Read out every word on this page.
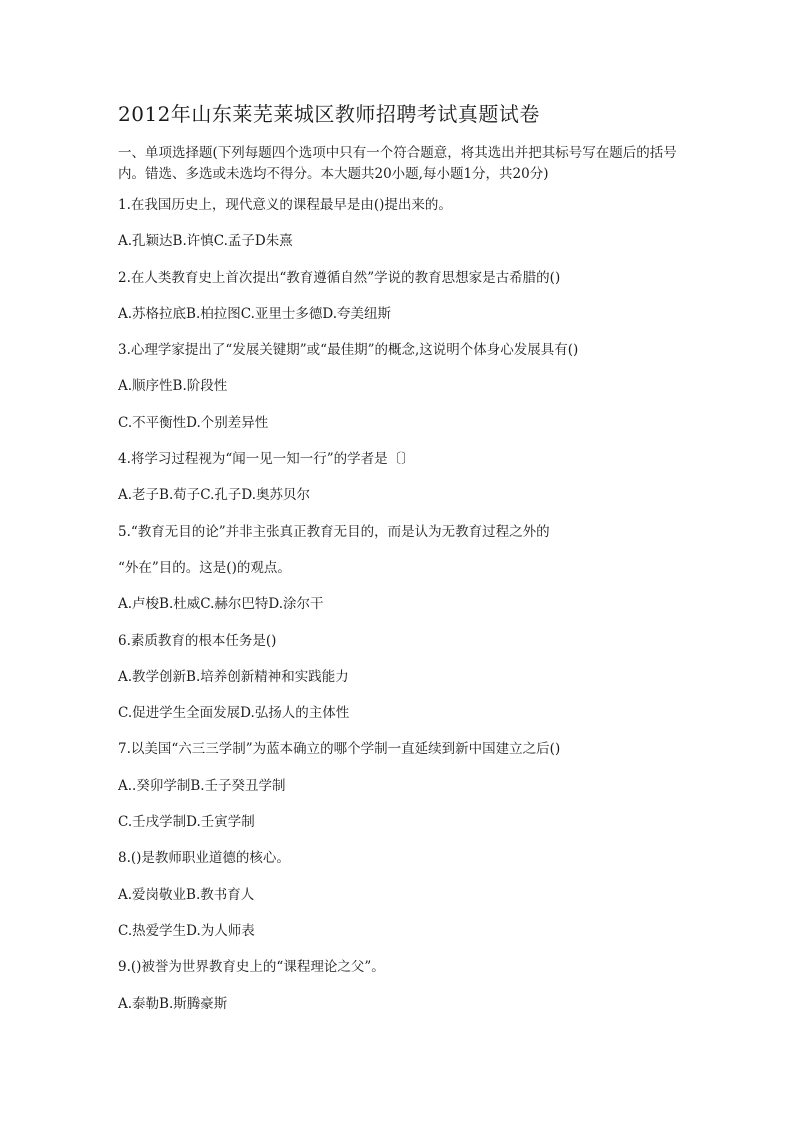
2012年山东莱芜莱城区教师招聘考试真题试卷
一、单项选择题(下列每题四个选项中只有一个符合题意，将其选出并把其标号写在题后的括号内。错选、多选或未选均不得分。本大题共20小题,每小题1分，共20分)
1.在我国历史上，现代意义的课程最早是由()提出来的。
A.孔颖达B.许慎C.孟子D朱熹
2.在人类教育史上首次提出“教育遵循自然”学说的教育思想家是古希腊的()
A.苏格拉底B.柏拉图C.亚里士多德D.夸美纽斯
3.心理学家提出了“发展关键期”或“最佳期”的概念,这说明个体身心发展具有()
A.顺序性B.阶段性
C.不平衡性D.个别差异性
4.将学习过程视为“闻一见一知一行”的学者是〔〕
A.老子B.荀子C.孔子D.奥苏贝尔
5.“教育无目的论”并非主张真正教育无目的，而是认为无教育过程之外的
“外在”目的。这是()的观点。
A.卢梭B.杜威C.赫尔巴特D.涂尔干
6.素质教育的根本任务是()
A.教学创新B.培养创新精神和实践能力
C.促进学生全面发展D.弘扬人的主体性
7.以美国“六三三学制”为蓝本确立的哪个学制一直延续到新中国建立之后()
A..癸卯学制B.壬子癸丑学制
C.壬戌学制D.壬寅学制
8.()是教师职业道德的核心。
A.爱岗敬业B.教书育人
C.热爱学生D.为人师表
9.()被誉为世界教育史上的“课程理论之父”。
A.泰勒B.斯腾豪斯
